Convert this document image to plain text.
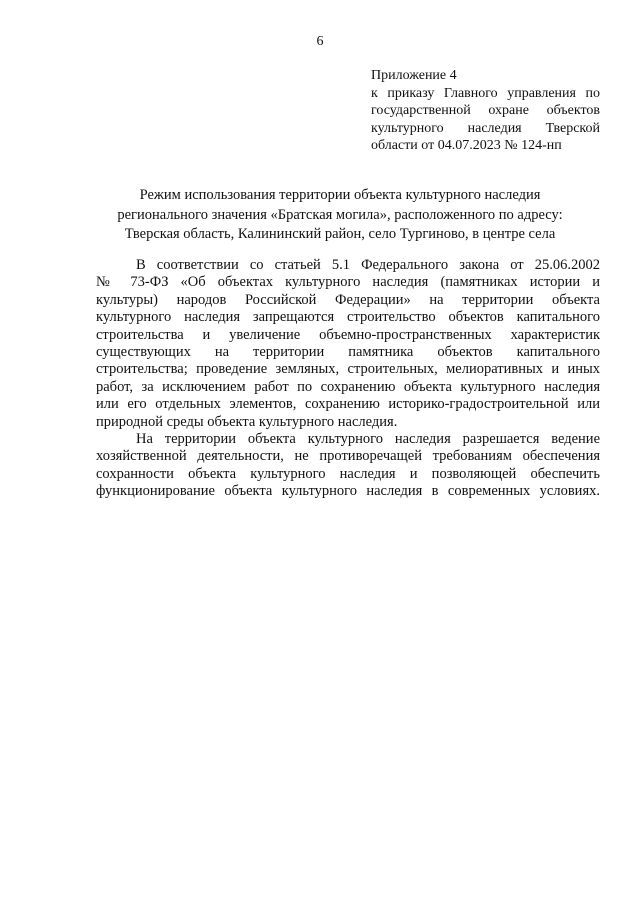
6
Приложение 4
к приказу Главного управления по
государственной охране объектов
культурного наследия Тверской
области от 04.07.2023 № 124-нп
Режим использования территории объекта культурного наследия
регионального значения «Братская могила», расположенного по адресу:
Тверская область, Калининский район, село Тургиново, в центре села
В соответствии со статьей 5.1 Федерального закона от 25.06.2002
№ 73-ФЗ «Об объектах культурного наследия (памятниках истории и
культуры) народов Российской Федерации» на территории объекта
культурного наследия запрещаются строительство объектов капитального
строительства и увеличение объемно-пространственных характеристик
существующих на территории памятника объектов капитального
строительства; проведение земляных, строительных, мелиоративных и иных
работ, за исключением работ по сохранению объекта культурного наследия
или его отдельных элементов, сохранению историко-градостроительной или
природной среды объекта культурного наследия.
На территории объекта культурного наследия разрешается ведение
хозяйственной деятельности, не противоречащей требованиям обеспечения
сохранности объекта культурного наследия и позволяющей обеспечить
функционирование объекта культурного наследия в современных условиях.
